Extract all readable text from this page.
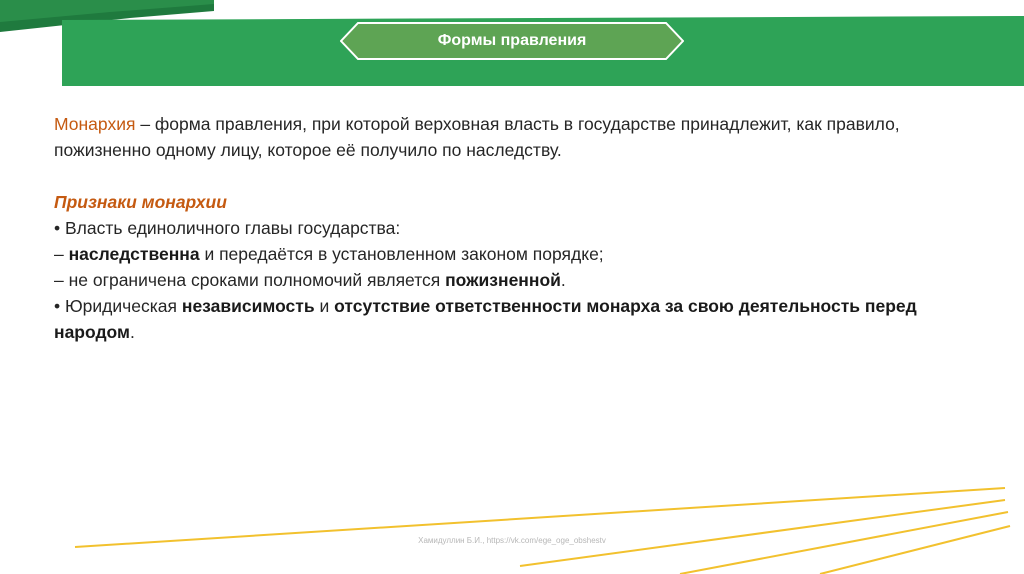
Формы правления

Монархия – форма правления, при которой верховная власть в государстве принадлежит, как правило, пожизненно одному лицу, которое её получило по наследству.

Признаки монархии

• Власть единоличного главы государства:

– наследственна и передаётся в установленном законом порядке;

– не ограничена сроками полномочий является пожизненной.

• Юридическая независимость и отсутствие ответственности монарха за свою деятельность перед народом.

Хамидуллин Б.И., https://vk.com/ege_oge_obshestv
